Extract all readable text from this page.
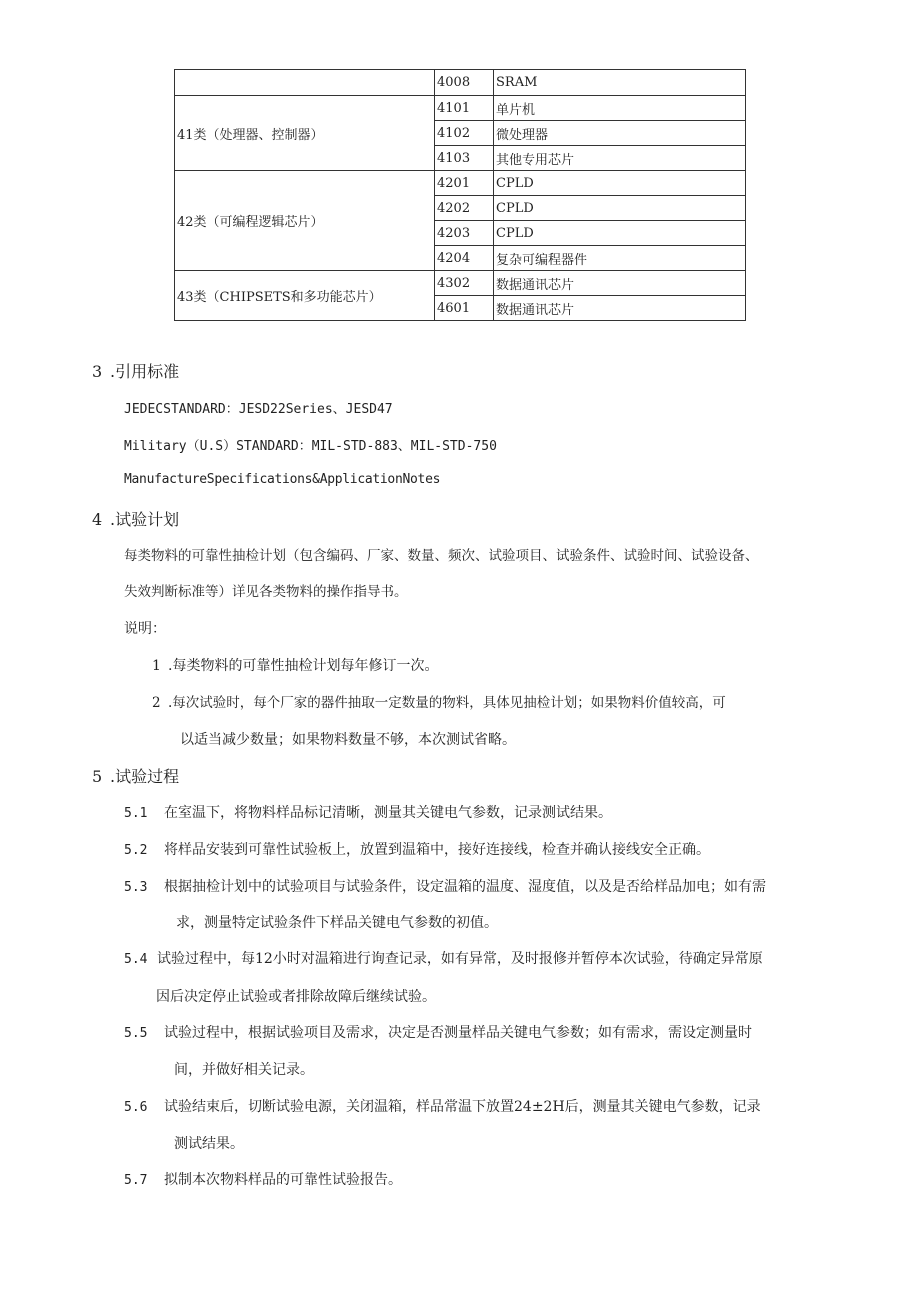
	4008	SRAM
41类（处理器、控制器）	4101	单片机
	4102	微处理器
	4103	其他专用芯片
42类（可编程逻辑芯片）	4201	CPLD
	4202	CPLD
	4203	CPLD
	4204	复杂可编程器件
43类（CHIPSETS和多功能芯片）	4302	数据通讯芯片
	4601	数据通讯芯片
3 .引用标准
JEDECSTANDARD：JESD22Series、JESD47
Military（U.S）STANDARD：MIL-STD-883、MIL-STD-750
ManufactureSpecifications&ApplicationNotes
4 .试验计划
每类物料的可靠性抽检计划（包含编码、厂家、数量、频次、试验项目、试验条件、试验时间、试验设备、
失效判断标准等）详见各类物料的操作指导书。
说明：
1 .每类物料的可靠性抽检计划每年修订一次。
2 .每次试验时，每个厂家的器件抽取一定数量的物料，具体见抽检计划；如果物料价值较高，可
以适当减少数量；如果物料数量不够，本次测试省略。
5 .试验过程
5.1 在室温下，将物料样品标记清晰，测量其关键电气参数，记录测试结果。
5.2 将样品安装到可靠性试验板上，放置到温箱中，接好连接线，检查并确认接线安全正确。
5.3 根据抽检计划中的试验项目与试验条件，设定温箱的温度、湿度值，以及是否给样品加电；如有需
求，测量特定试验条件下样品关键电气参数的初值。
5.4 试验过程中，每12小时对温箱进行询查记录，如有异常，及时报修并暂停本次试验，待确定异常原
因后决定停止试验或者排除故障后继续试验。
5.5 试验过程中，根据试验项目及需求，决定是否测量样品关键电气参数；如有需求，需设定测量时
间，并做好相关记录。
5.6 试验结束后，切断试验电源，关闭温箱，样品常温下放置24±2H后，测量其关键电气参数，记录
测试结果。
5.7 拟制本次物料样品的可靠性试验报告。
